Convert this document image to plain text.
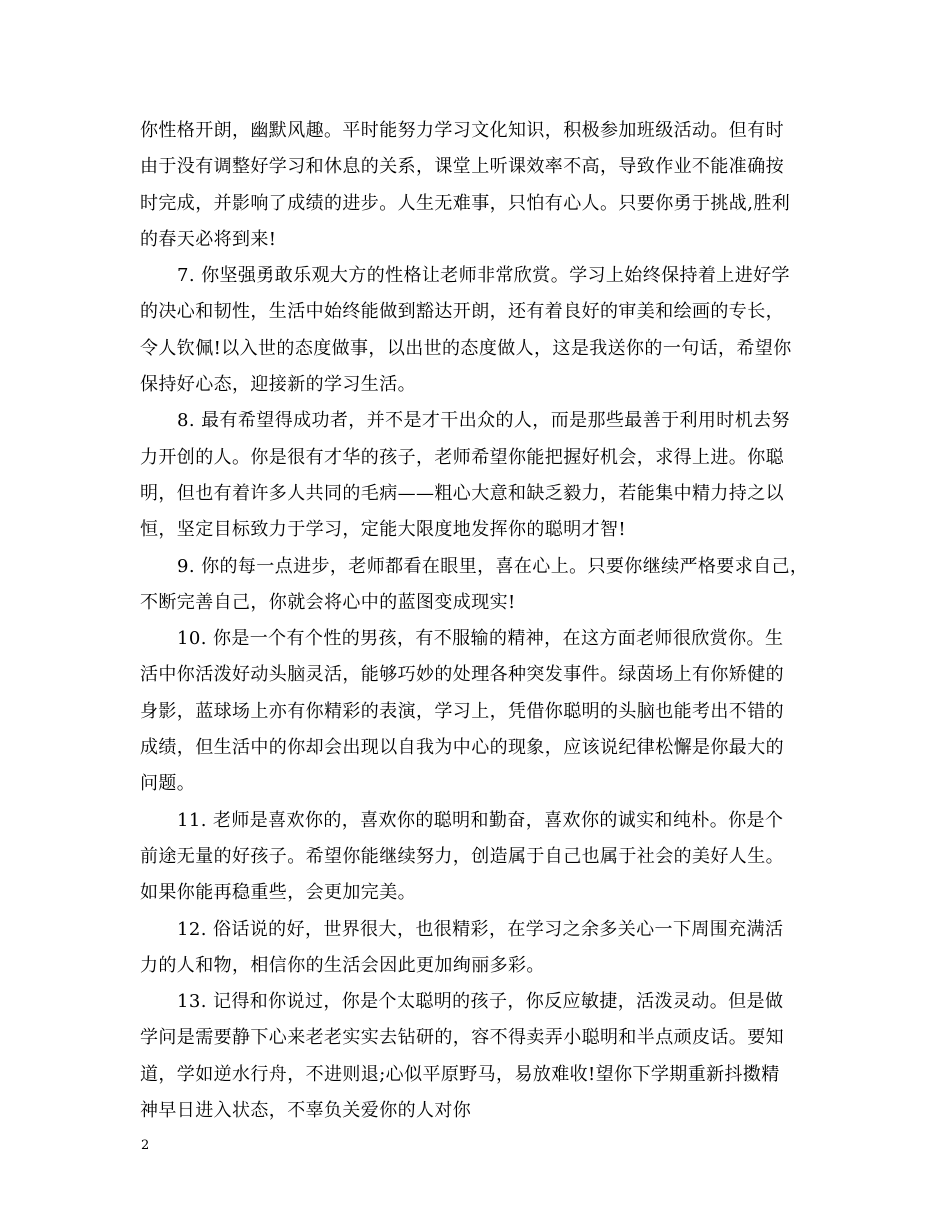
你性格开朗，幽默风趣。平时能努力学习文化知识，积极参加班级活动。但有时
由于没有调整好学习和休息的关系，课堂上听课效率不高，导致作业不能准确按
时完成，并影响了成绩的进步。人生无难事，只怕有心人。只要你勇于挑战,胜利
的春天必将到来!
7. 你坚强勇敢乐观大方的性格让老师非常欣赏。学习上始终保持着上进好学
的决心和韧性，生活中始终能做到豁达开朗，还有着良好的审美和绘画的专长，
令人钦佩!以入世的态度做事，以出世的态度做人，这是我送你的一句话，希望你
保持好心态，迎接新的学习生活。
8. 最有希望得成功者，并不是才干出众的人，而是那些最善于利用时机去努
力开创的人。你是很有才华的孩子，老师希望你能把握好机会，求得上进。你聪
明，但也有着许多人共同的毛病——粗心大意和缺乏毅力，若能集中精力持之以
恒，坚定目标致力于学习，定能大限度地发挥你的聪明才智!
9. 你的每一点进步，老师都看在眼里，喜在心上。只要你继续严格要求自己，
不断完善自己，你就会将心中的蓝图变成现实!
10. 你是一个有个性的男孩，有不服输的精神，在这方面老师很欣赏你。生
活中你活泼好动头脑灵活，能够巧妙的处理各种突发事件。绿茵场上有你矫健的
身影，蓝球场上亦有你精彩的表演，学习上，凭借你聪明的头脑也能考出不错的
成绩，但生活中的你却会出现以自我为中心的现象，应该说纪律松懈是你最大的
问题。
11. 老师是喜欢你的，喜欢你的聪明和勤奋，喜欢你的诚实和纯朴。你是个
前途无量的好孩子。希望你能继续努力，创造属于自己也属于社会的美好人生。
如果你能再稳重些，会更加完美。
12. 俗话说的好，世界很大，也很精彩，在学习之余多关心一下周围充满活
力的人和物，相信你的生活会因此更加绚丽多彩。
13. 记得和你说过，你是个太聪明的孩子，你反应敏捷，活泼灵动。但是做
学问是需要静下心来老老实实去钻研的，容不得卖弄小聪明和半点顽皮话。要知
道，学如逆水行舟，不进则退;心似平原野马，易放难收!望你下学期重新抖擞精
神早日进入状态，不辜负关爱你的人对你
2
